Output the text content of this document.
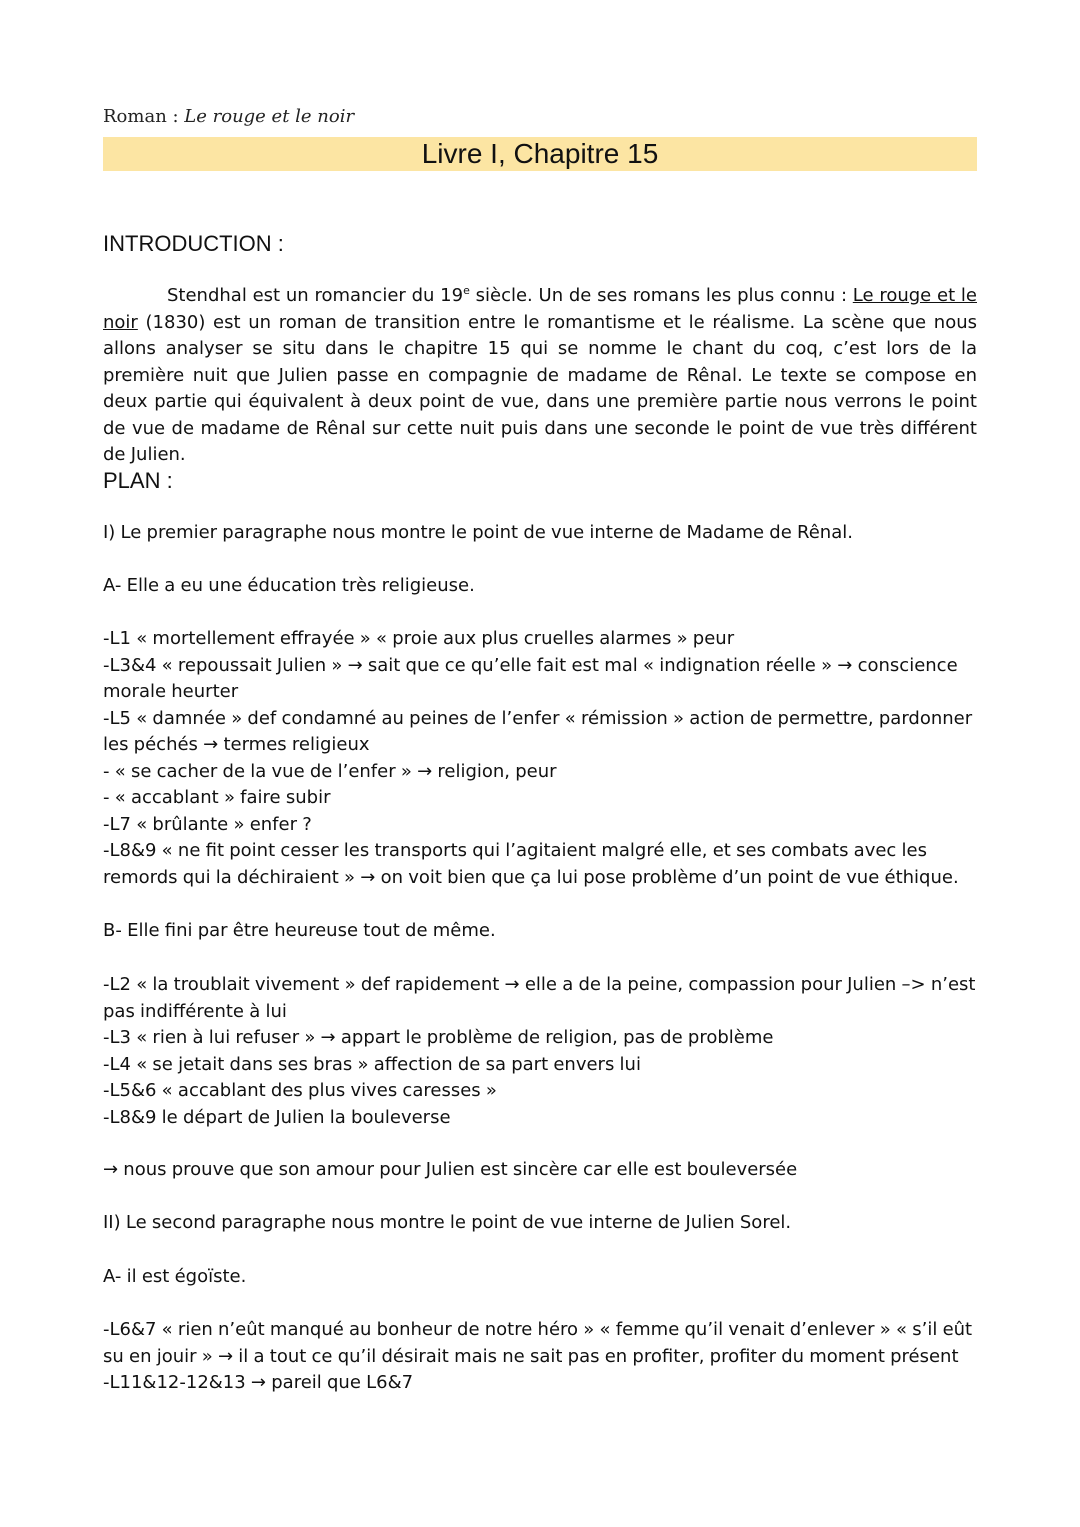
Roman : Le rouge et le noir
Livre I, Chapitre 15
INTRODUCTION :
Stendhal est un romancier du 19e siècle. Un de ses romans les plus connu : Le rouge et le noir (1830) est un roman de transition entre le romantisme et le réalisme. La scène que nous allons analyser se situ dans le chapitre 15 qui se nomme le chant du coq, c’est lors de la première nuit que Julien passe en compagnie de madame de Rênal. Le texte se compose en deux partie qui équivalent à deux point de vue, dans une première partie nous verrons le point de vue de madame de Rênal sur cette nuit puis dans une seconde le point de vue très différent de Julien.
PLAN :
I) Le premier paragraphe nous montre le point de vue interne de Madame de Rênal.
A- Elle a eu une éducation très religieuse.
-L1 « mortellement effrayée » « proie aux plus cruelles alarmes » peur
-L3&4 « repoussait Julien » → sait que ce qu’elle fait est mal « indignation réelle » → conscience morale heurter
-L5 « damnée » def condamné au peines de l’enfer « rémission » action de permettre, pardonner les péchés → termes religieux
- « se cacher de la vue de l’enfer » → religion, peur
- « accablant » faire subir
-L7 « brûlante » enfer ?
-L8&9 « ne fit point cesser les transports qui l’agitaient malgré elle, et ses combats avec les remords qui la déchiraient » → on voit bien que ça lui pose problème d’un point de vue éthique.
B- Elle fini par être heureuse tout de même.
-L2 « la troublait vivement » def rapidement → elle a de la peine, compassion pour Julien –> n’est pas indifférente à lui
-L3 « rien à lui refuser » → appart le problème de religion, pas de problème
-L4 « se jetait dans ses bras » affection de sa part envers lui
-L5&6 « accablant des plus vives caresses »
-L8&9 le départ de Julien la bouleverse
→ nous prouve que son amour pour Julien est sincère car elle est bouleversée
II) Le second paragraphe nous montre le point de vue interne de Julien Sorel.
A- il est égoïste.
-L6&7 « rien n’eût manqué au bonheur de notre héro » « femme qu’il venait d’enlever » « s’il eût su en jouir » → il a tout ce qu’il désirait mais ne sait pas en profiter, profiter du moment présent
-L11&12-12&13 → pareil que L6&7
